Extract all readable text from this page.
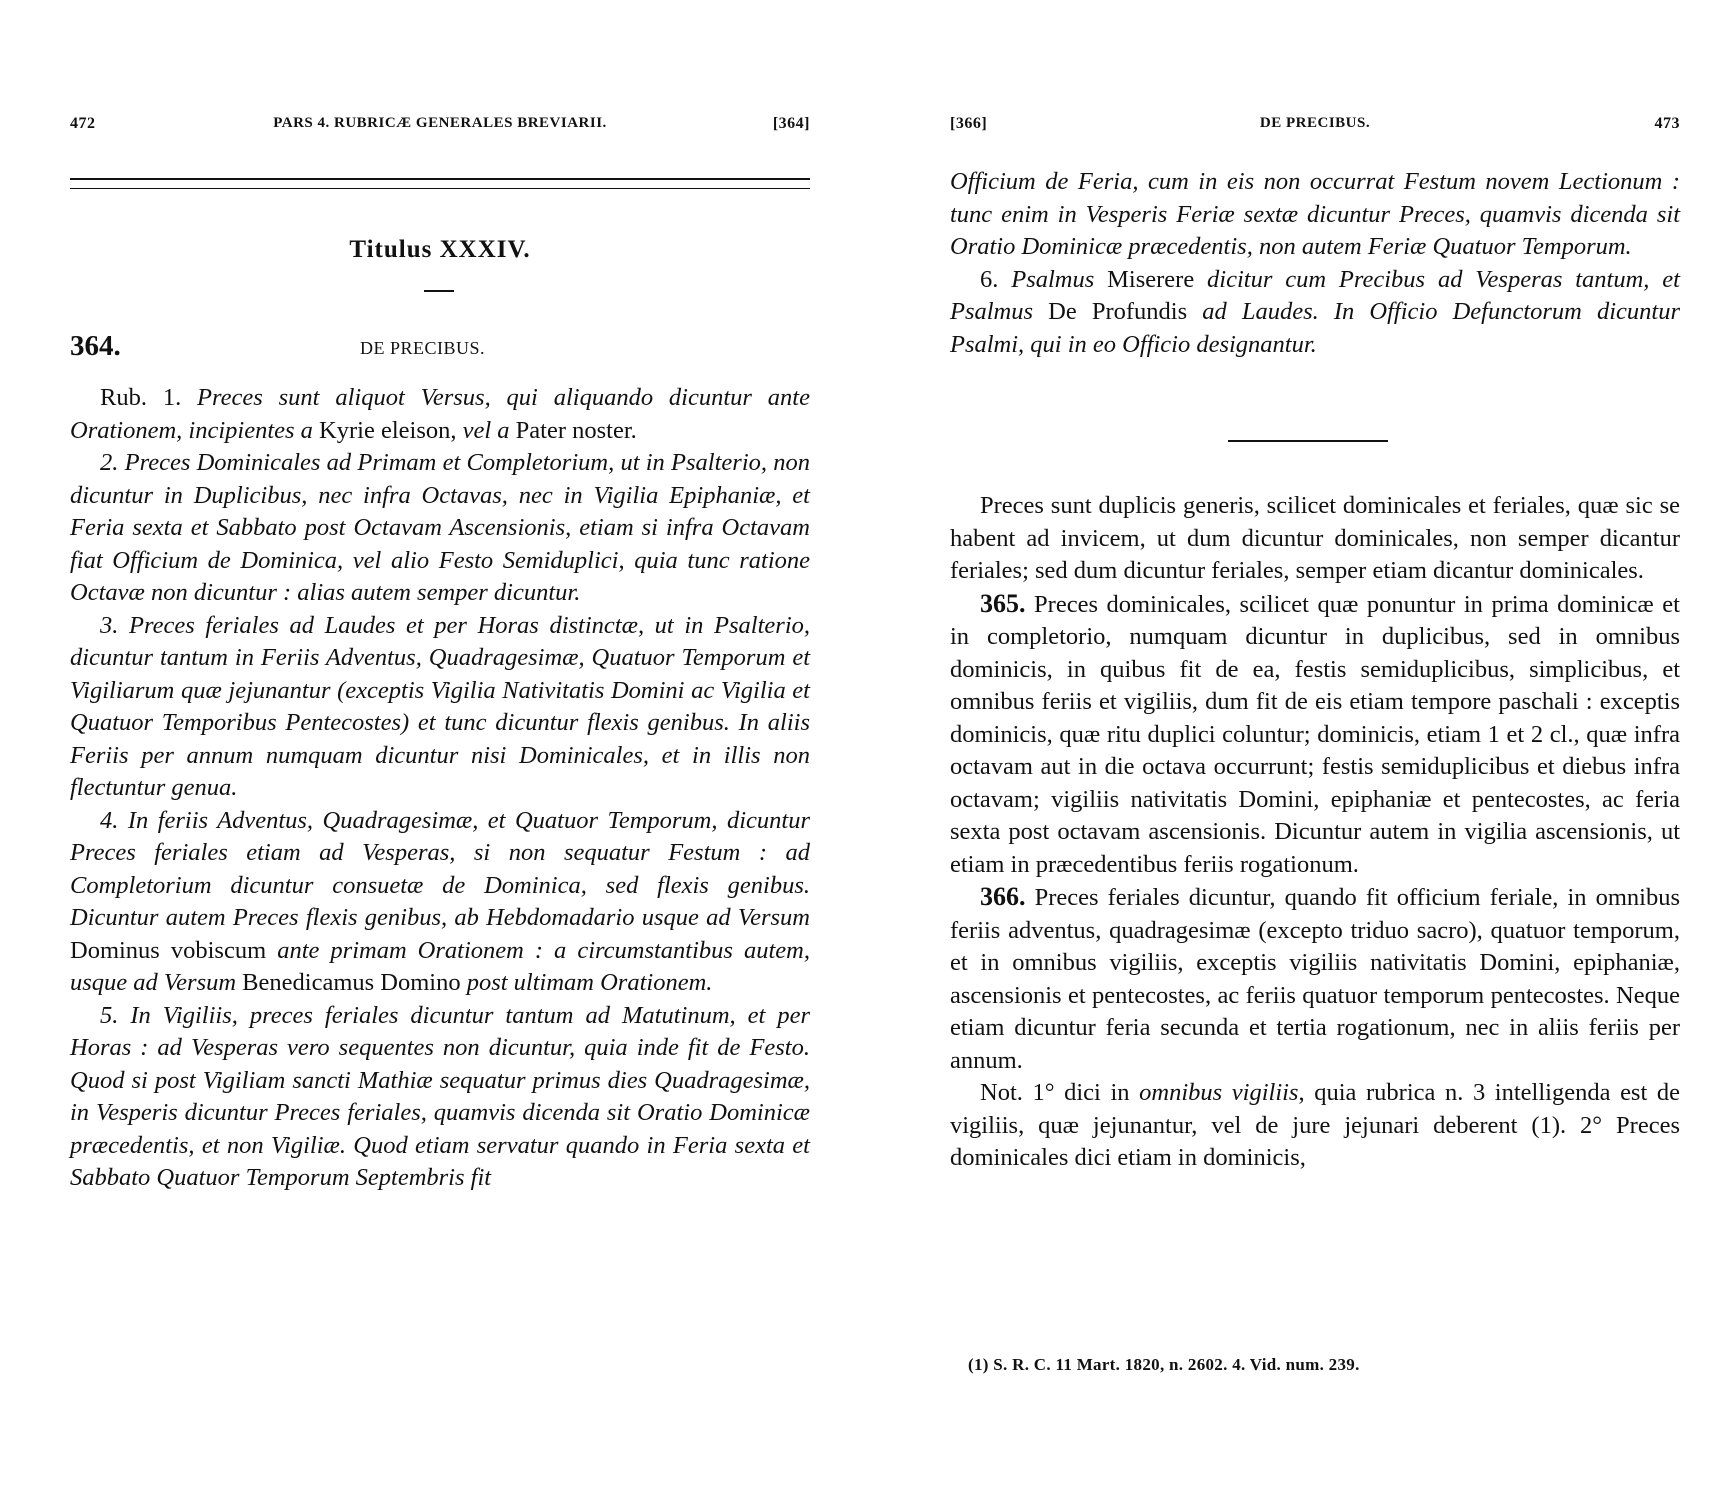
472	PARS 4. RUBRICÆ GENERALES BREVIARII.	[364]
Titulus XXXIV.
364.	DE PRECIBUS.

Rub. 1. Preces sunt aliquot Versus, qui aliquando dicuntur ante Orationem, incipientes a Kyrie eleison, vel a Pater noster.

2. Preces Dominicales ad Primam et Completorium, ut in Psalterio, non dicuntur in Duplicibus, nec infra Octavas, nec in Vigilia Epiphaniæ, et Feria sexta et Sabbato post Octavam Ascensionis, etiam si infra Octavam fiat Officium de Dominica, vel alio Festo Semiduplici, quia tunc ratione Octavæ non dicuntur : alias autem semper dicuntur.

3. Preces feriales ad Laudes et per Horas distinctæ, ut in Psalterio, dicuntur tantum in Feriis Adventus, Quadragesimæ, Quatuor Temporum et Vigiliarum quæ jejunantur (exceptis Vigilia Nativitatis Domini ac Vigilia et Quatuor Temporibus Pentecostes) et tunc dicuntur flexis genibus. In aliis Feriis per annum numquam dicuntur nisi Dominicales, et in illis non flectuntur genua.

4. In feriis Adventus, Quadragesimæ, et Quatuor Temporum, dicuntur Preces feriales etiam ad Vesperas, si non sequatur Festum : ad Completorium dicuntur consuetæ de Dominica, sed flexis genibus. Dicuntur autem Preces flexis genibus, ab Hebdomadario usque ad Versum Dominus vobiscum ante primam Orationem : a circumstantibus autem, usque ad Versum Benedicamus Domino post ultimam Orationem.

5. In Vigiliis, preces feriales dicuntur tantum ad Matutinum, et per Horas : ad Vesperas vero sequentes non dicuntur, quia inde fit de Festo. Quod si post Vigiliam sancti Mathiæ sequatur primus dies Quadragesimæ, in Vesperis dicuntur Preces feriales, quamvis dicenda sit Oratio Dominicæ præcedentis, et non Vigiliæ. Quod etiam servatur quando in Feria sexta et Sabbato Quatuor Temporum Septembris fit

[366]	DE PRECIBUS.	473

Officium de Feria, cum in eis non occurrat Festum novem Lectionum : tunc enim in Vesperis Feriæ sextæ dicuntur Preces, quamvis dicenda sit Oratio Dominicæ præcedentis, non autem Feriæ Quatuor Temporum.

6. Psalmus Miserere dicitur cum Precibus ad Vesperas tantum, et Psalmus De Profundis ad Laudes. In Officio Defunctorum dicuntur Psalmi, qui in eo Officio designantur.

Preces sunt duplicis generis, scilicet dominicales et feriales, quæ sic se habent ad invicem, ut dum dicuntur dominicales, non semper dicantur feriales; sed dum dicuntur feriales, semper etiam dicantur dominicales.

365. Preces dominicales, scilicet quæ ponuntur in prima dominicæ et in completorio, numquam dicuntur in duplicibus, sed in omnibus dominicis, in quibus fit de ea, festis semiduplicibus, simplicibus, et omnibus feriis et vigiliis, dum fit de eis etiam tempore paschali : exceptis dominicis, quæ ritu duplici coluntur; dominicis, etiam 1 et 2 cl., quæ infra octavam aut in die octava occurrunt; festis semiduplicibus et diebus infra octavam; vigiliis nativitatis Domini, epiphaniæ et pentecostes, ac feria sexta post octavam ascensionis. Dicuntur autem in vigilia ascensionis, ut etiam in præcedentibus feriis rogationum.

366. Preces feriales dicuntur, quando fit officium feriale, in omnibus feriis adventus, quadragesimæ (excepto triduo sacro), quatuor temporum, et in omnibus vigiliis, exceptis vigiliis nativitatis Domini, epiphaniæ, ascensionis et pentecostes, ac feriis quatuor temporum pentecostes. Neque etiam dicuntur feria secunda et tertia rogationum, nec in aliis feriis per annum.

Not. 1° dici in omnibus vigiliis, quia rubrica n. 3 intelligenda est de vigiliis, quæ jejunantur, vel de jure jejunari deberent (1). 2° Preces dominicales dici etiam in dominicis,

(1) S. R. C. 11 Mart. 1820, n. 2602. 4. Vid. num. 239.
